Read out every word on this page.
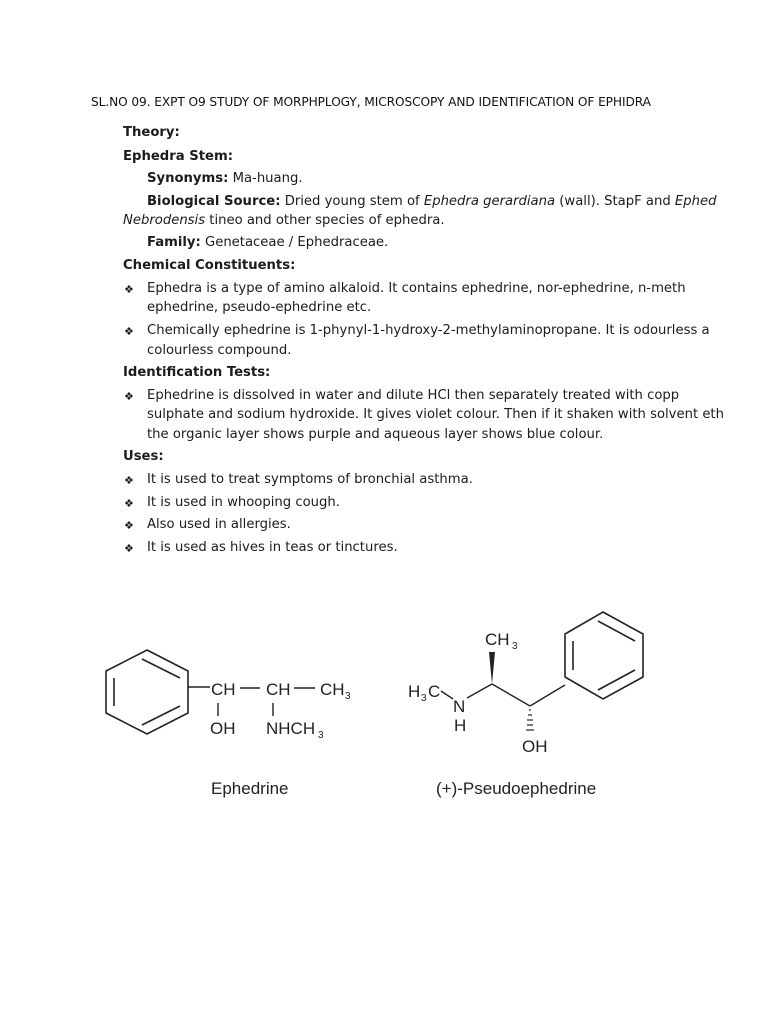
SL.NO 09. EXPT O9 STUDY OF MORPHPLOGY, MICROSCOPY AND IDENTIFICATION OF EPHIDRA
Theory:
Ephedra Stem:
Synonyms: Ma-huang.
Biological Source: Dried young stem of Ephedra gerardiana (wall). StapF and Ephed
Nebrodensis tineo and other species of ephedra.
Family: Genetaceae / Ephedraceae.
Chemical Constituents:
❖ Ephedra is a type of amino alkaloid. It contains ephedrine, nor-ephedrine, n-meth
ephedrine, pseudo-ephedrine etc.
❖ Chemically ephedrine is 1-phynyl-1-hydroxy-2-methylaminopropane. It is odourless a
colourless compound.
Identification Tests:
❖ Ephedrine is dissolved in water and dilute HCl then separately treated with copp
sulphate and sodium hydroxide. It gives violet colour. Then if it shaken with solvent eth
the organic layer shows purple and aqueous layer shows blue colour.
Uses:
❖ It is used to treat symptoms of bronchial asthma.
❖ It is used in whooping cough.
❖ Also used in allergies.
❖ It is used as hives in teas or tinctures.
CH CH CH 3
OH NHCH 3
CH 3
H 3 C
N
H
OH
Ephedrine	(+)-Pseudoephedrine
